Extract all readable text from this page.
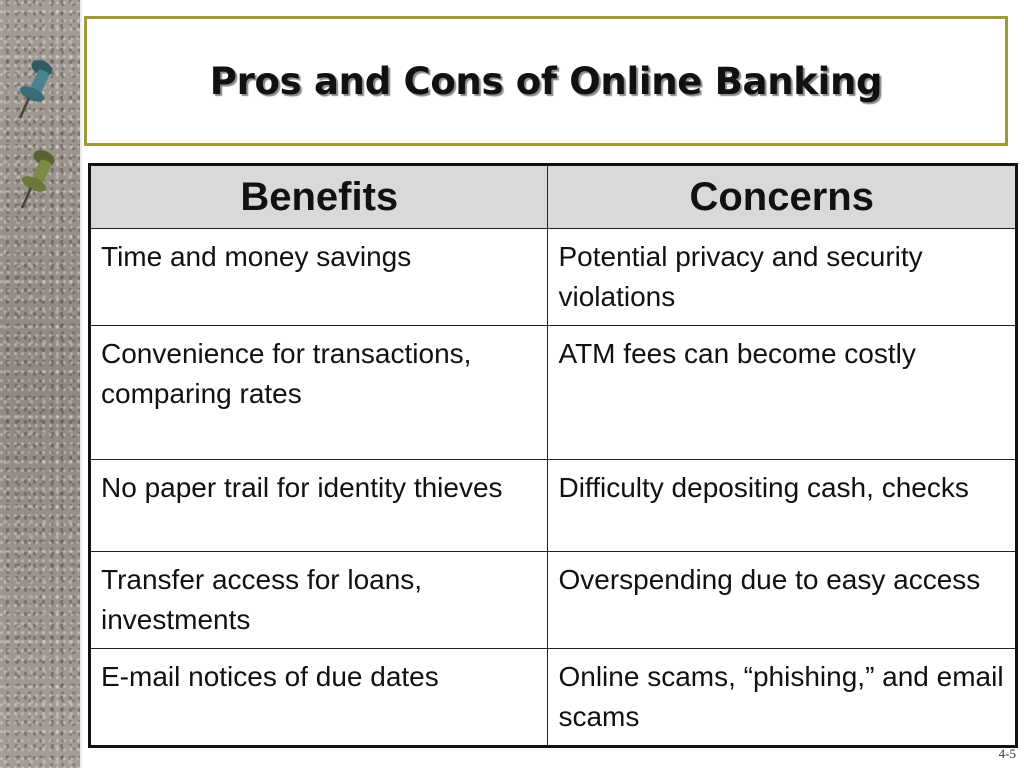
Pros and Cons of Online Banking
Benefits	Concerns
Time and money savings	Potential privacy and security violations
Convenience for transactions, comparing rates	ATM fees can become costly
No paper trail for identity thieves	Difficulty depositing cash, checks
Transfer access for loans, investments	Overspending due to easy access
E-mail notices of due dates	Online scams, “phishing,” and email scams
4-5
